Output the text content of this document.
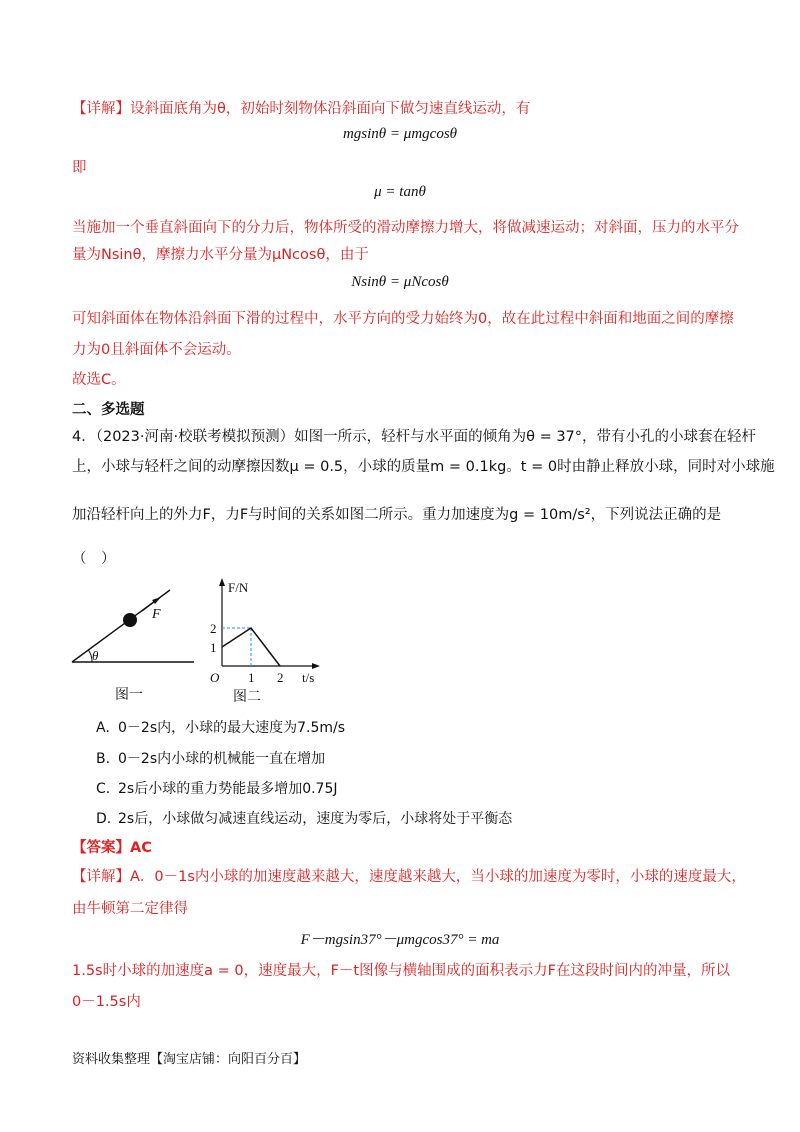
【详解】设斜面底角为θ，初始时刻物体沿斜面向下做匀速直线运动，有
mgsinθ = μmgcosθ
即
μ = tanθ
当施加一个垂直斜面向下的分力后，物体所受的滑动摩擦力增大，将做减速运动；对斜面，压力的水平分
量为Nsinθ，摩擦力水平分量为μNcosθ，由于
Nsinθ = μNcosθ
可知斜面体在物体沿斜面下滑的过程中，水平方向的受力始终为0，故在此过程中斜面和地面之间的摩擦
力为0且斜面体不会运动。
故选C。
二、多选题
4．（2023·河南·校联考模拟预测）如图一所示，轻杆与水平面的倾角为θ = 37°，带有小孔的小球套在轻杆
上，小球与轻杆之间的动摩擦因数μ = 0.5，小球的质量m = 0.1kg。t = 0时由静止释放小球，同时对小球施
加沿轻杆向上的外力F，力F与时间的关系如图二所示。重力加速度为g = 10m/s²，下列说法正确的是
（　）
θ
F
图一
F/N
t/s
O
1
2
1 2
图二
A. 0－2s内，小球的最大速度为7.5m/s
B. 0－2s内小球的机械能一直在增加
C. 2s后小球的重力势能最多增加0.75J
D. 2s后，小球做匀减速直线运动，速度为零后，小球将处于平衡态
【答案】AC
【详解】A．0－1s内小球的加速度越来越大，速度越来越大，当小球的加速度为零时，小球的速度最大，
由牛顿第二定律得
F－mgsin37°－μmgcos37° = ma
1.5s时小球的加速度a = 0，速度最大，F－t图像与横轴围成的面积表示力F在这段时间内的冲量，所以
0－1.5s内
资料收集整理【淘宝店铺：向阳百分百】
